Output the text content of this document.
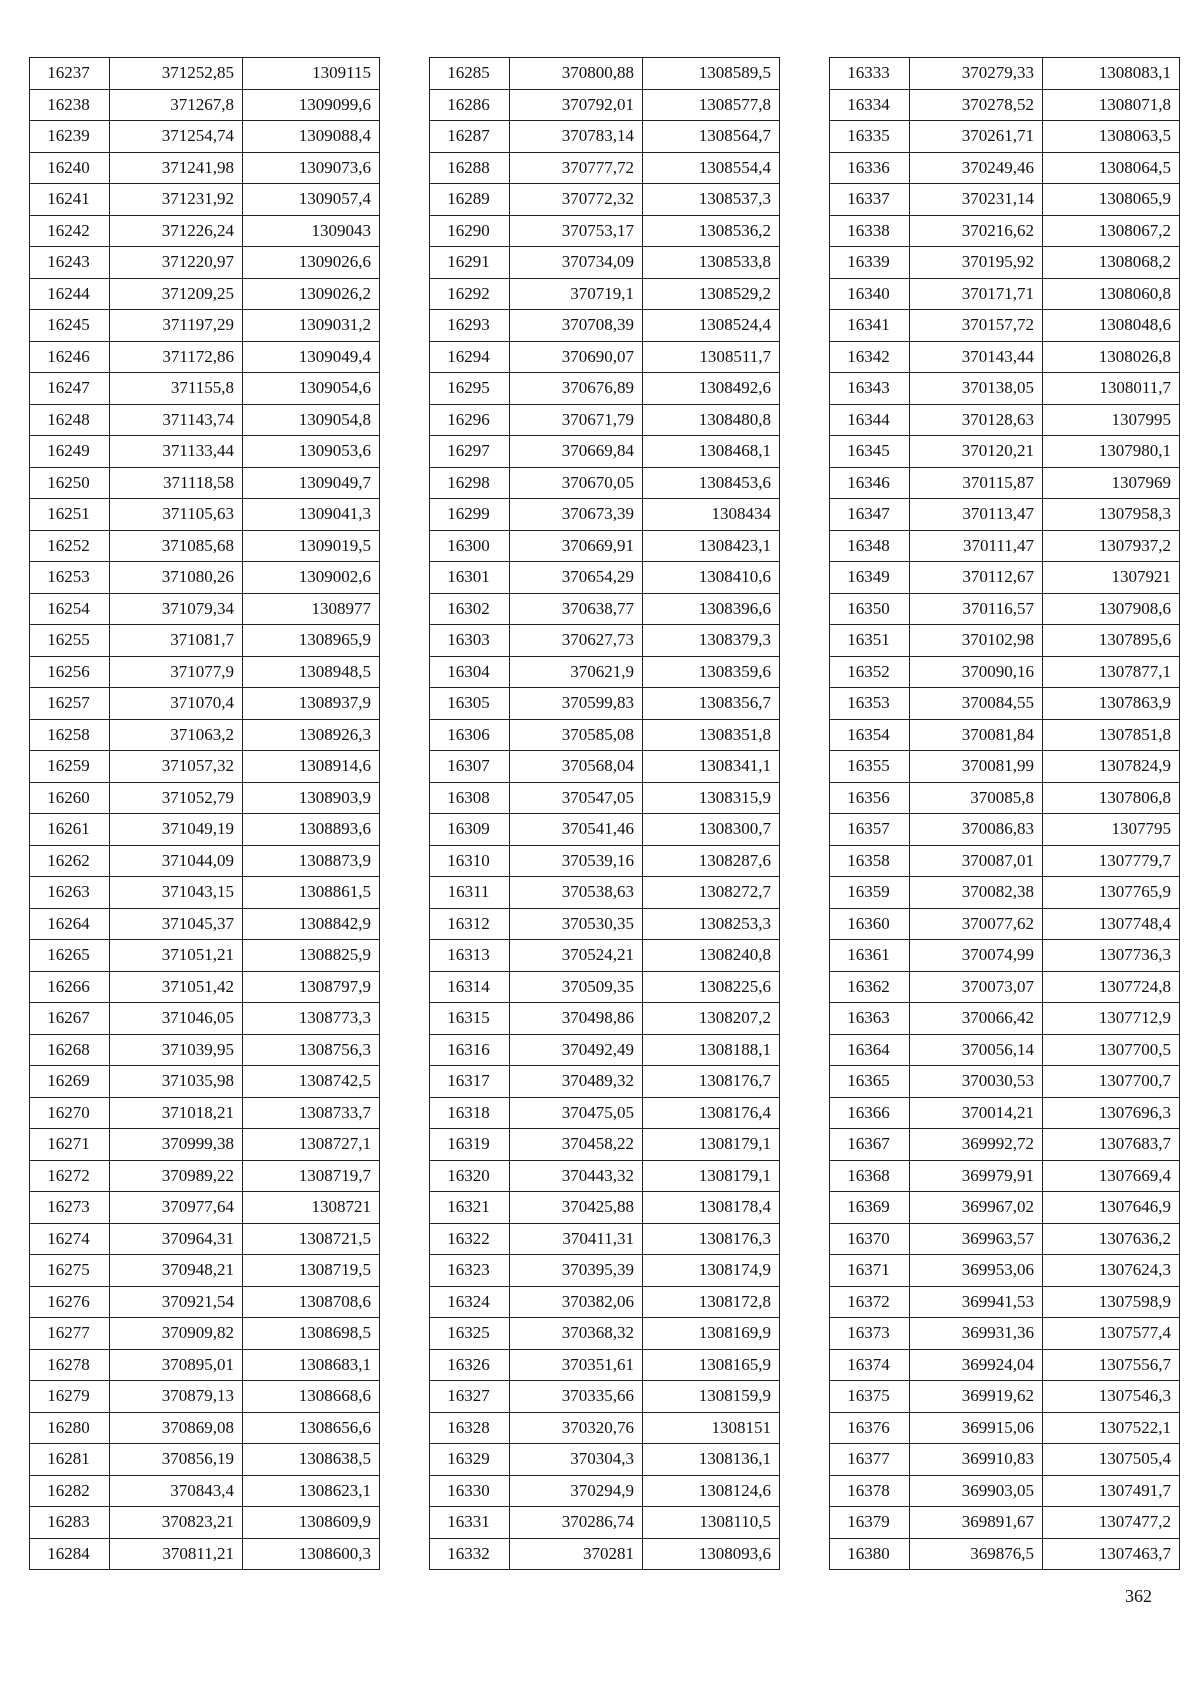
16237	371252,85	1309115
16238	371267,8	1309099,6
16239	371254,74	1309088,4
16240	371241,98	1309073,6
16241	371231,92	1309057,4
16242	371226,24	1309043
16243	371220,97	1309026,6
16244	371209,25	1309026,2
16245	371197,29	1309031,2
16246	371172,86	1309049,4
16247	371155,8	1309054,6
16248	371143,74	1309054,8
16249	371133,44	1309053,6
16250	371118,58	1309049,7
16251	371105,63	1309041,3
16252	371085,68	1309019,5
16253	371080,26	1309002,6
16254	371079,34	1308977
16255	371081,7	1308965,9
16256	371077,9	1308948,5
16257	371070,4	1308937,9
16258	371063,2	1308926,3
16259	371057,32	1308914,6
16260	371052,79	1308903,9
16261	371049,19	1308893,6
16262	371044,09	1308873,9
16263	371043,15	1308861,5
16264	371045,37	1308842,9
16265	371051,21	1308825,9
16266	371051,42	1308797,9
16267	371046,05	1308773,3
16268	371039,95	1308756,3
16269	371035,98	1308742,5
16270	371018,21	1308733,7
16271	370999,38	1308727,1
16272	370989,22	1308719,7
16273	370977,64	1308721
16274	370964,31	1308721,5
16275	370948,21	1308719,5
16276	370921,54	1308708,6
16277	370909,82	1308698,5
16278	370895,01	1308683,1
16279	370879,13	1308668,6
16280	370869,08	1308656,6
16281	370856,19	1308638,5
16282	370843,4	1308623,1
16283	370823,21	1308609,9
16284	370811,21	1308600,3
16285	370800,88	1308589,5
16286	370792,01	1308577,8
16287	370783,14	1308564,7
16288	370777,72	1308554,4
16289	370772,32	1308537,3
16290	370753,17	1308536,2
16291	370734,09	1308533,8
16292	370719,1	1308529,2
16293	370708,39	1308524,4
16294	370690,07	1308511,7
16295	370676,89	1308492,6
16296	370671,79	1308480,8
16297	370669,84	1308468,1
16298	370670,05	1308453,6
16299	370673,39	1308434
16300	370669,91	1308423,1
16301	370654,29	1308410,6
16302	370638,77	1308396,6
16303	370627,73	1308379,3
16304	370621,9	1308359,6
16305	370599,83	1308356,7
16306	370585,08	1308351,8
16307	370568,04	1308341,1
16308	370547,05	1308315,9
16309	370541,46	1308300,7
16310	370539,16	1308287,6
16311	370538,63	1308272,7
16312	370530,35	1308253,3
16313	370524,21	1308240,8
16314	370509,35	1308225,6
16315	370498,86	1308207,2
16316	370492,49	1308188,1
16317	370489,32	1308176,7
16318	370475,05	1308176,4
16319	370458,22	1308179,1
16320	370443,32	1308179,1
16321	370425,88	1308178,4
16322	370411,31	1308176,3
16323	370395,39	1308174,9
16324	370382,06	1308172,8
16325	370368,32	1308169,9
16326	370351,61	1308165,9
16327	370335,66	1308159,9
16328	370320,76	1308151
16329	370304,3	1308136,1
16330	370294,9	1308124,6
16331	370286,74	1308110,5
16332	370281	1308093,6
16333	370279,33	1308083,1
16334	370278,52	1308071,8
16335	370261,71	1308063,5
16336	370249,46	1308064,5
16337	370231,14	1308065,9
16338	370216,62	1308067,2
16339	370195,92	1308068,2
16340	370171,71	1308060,8
16341	370157,72	1308048,6
16342	370143,44	1308026,8
16343	370138,05	1308011,7
16344	370128,63	1307995
16345	370120,21	1307980,1
16346	370115,87	1307969
16347	370113,47	1307958,3
16348	370111,47	1307937,2
16349	370112,67	1307921
16350	370116,57	1307908,6
16351	370102,98	1307895,6
16352	370090,16	1307877,1
16353	370084,55	1307863,9
16354	370081,84	1307851,8
16355	370081,99	1307824,9
16356	370085,8	1307806,8
16357	370086,83	1307795
16358	370087,01	1307779,7
16359	370082,38	1307765,9
16360	370077,62	1307748,4
16361	370074,99	1307736,3
16362	370073,07	1307724,8
16363	370066,42	1307712,9
16364	370056,14	1307700,5
16365	370030,53	1307700,7
16366	370014,21	1307696,3
16367	369992,72	1307683,7
16368	369979,91	1307669,4
16369	369967,02	1307646,9
16370	369963,57	1307636,2
16371	369953,06	1307624,3
16372	369941,53	1307598,9
16373	369931,36	1307577,4
16374	369924,04	1307556,7
16375	369919,62	1307546,3
16376	369915,06	1307522,1
16377	369910,83	1307505,4
16378	369903,05	1307491,7
16379	369891,67	1307477,2
16380	369876,5	1307463,7
362
